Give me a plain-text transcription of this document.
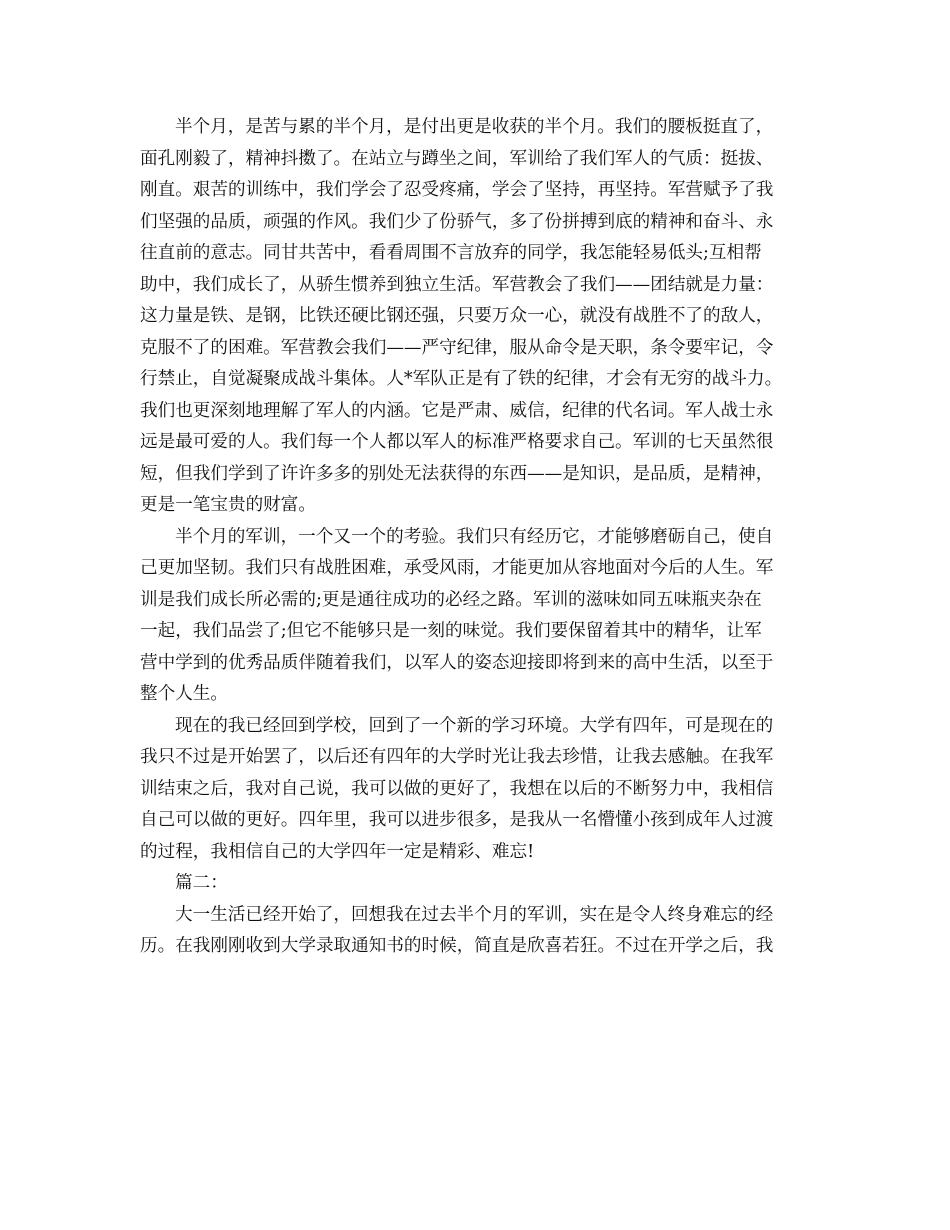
半个月，是苦与累的半个月，是付出更是收获的半个月。我们的腰板挺直了，
面孔刚毅了，精神抖擞了。在站立与蹲坐之间，军训给了我们军人的气质：挺拔、
刚直。艰苦的训练中，我们学会了忍受疼痛，学会了坚持，再坚持。军营赋予了我
们坚强的品质，顽强的作风。我们少了份骄气，多了份拼搏到底的精神和奋斗、永
往直前的意志。同甘共苦中，看看周围不言放弃的同学，我怎能轻易低头;互相帮
助中，我们成长了，从骄生惯养到独立生活。军营教会了我们——团结就是力量：
这力量是铁、是钢，比铁还硬比钢还强，只要万众一心，就没有战胜不了的敌人，
克服不了的困难。军营教会我们——严守纪律，服从命令是天职，条令要牢记，令
行禁止，自觉凝聚成战斗集体。人*军队正是有了铁的纪律，才会有无穷的战斗力。
我们也更深刻地理解了军人的内涵。它是严肃、威信，纪律的代名词。军人战士永
远是最可爱的人。我们每一个人都以军人的标准严格要求自己。军训的七天虽然很
短，但我们学到了许许多多的别处无法获得的东西——是知识，是品质，是精神，
更是一笔宝贵的财富。
半个月的军训，一个又一个的考验。我们只有经历它，才能够磨砺自己，使自
己更加坚韧。我们只有战胜困难，承受风雨，才能更加从容地面对今后的人生。军
训是我们成长所必需的;更是通往成功的必经之路。军训的滋味如同五味瓶夹杂在
一起，我们品尝了;但它不能够只是一刻的味觉。我们要保留着其中的精华，让军
营中学到的优秀品质伴随着我们，以军人的姿态迎接即将到来的高中生活，以至于
整个人生。
现在的我已经回到学校，回到了一个新的学习环境。大学有四年，可是现在的
我只不过是开始罢了，以后还有四年的大学时光让我去珍惜，让我去感触。在我军
训结束之后，我对自己说，我可以做的更好了，我想在以后的不断努力中，我相信
自己可以做的更好。四年里，我可以进步很多，是我从一名懵懂小孩到成年人过渡
的过程，我相信自己的大学四年一定是精彩、难忘!
篇二：
大一生活已经开始了，回想我在过去半个月的军训，实在是令人终身难忘的经
历。在我刚刚收到大学录取通知书的时候，简直是欣喜若狂。不过在开学之后，我
